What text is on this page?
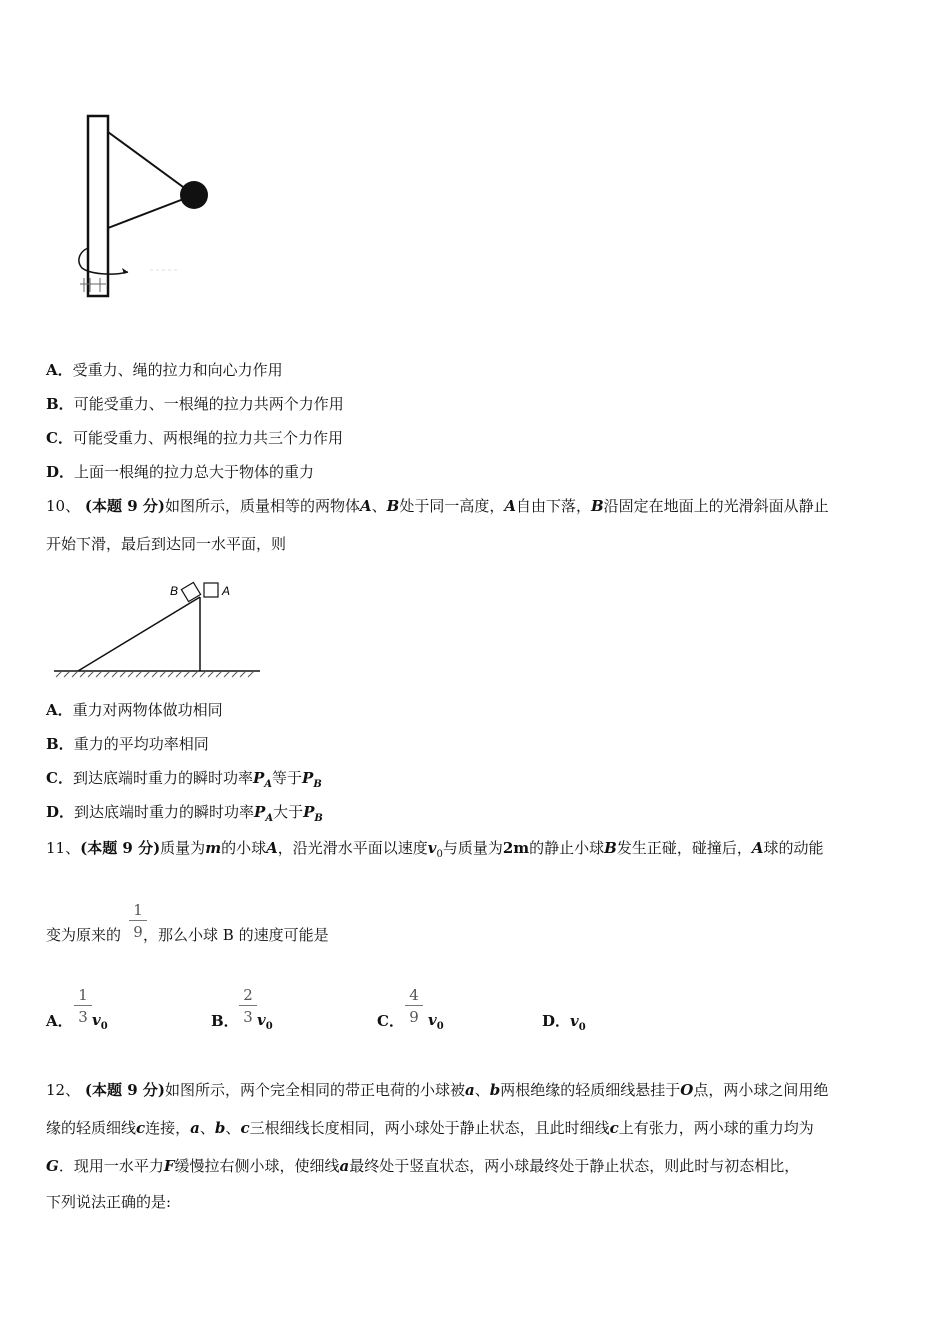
A．受重力、绳的拉力和向心力作用
B．可能受重力、一根绳的拉力共两个力作用
C．可能受重力、两根绳的拉力共三个力作用
D．上面一根绳的拉力总大于物体的重力
10、 (本题 9 分)如图所示，质量相等的两物体A、B处于同一高度，A自由下落，B沿固定在地面上的光滑斜面从静止
开始下滑，最后到达同一水平面，则
B	A
A．重力对两物体做功相同
B．重力的平均功率相同
C．到达底端时重力的瞬时功率$P_A$等于$P_B$
D．到达底端时重力的瞬时功率$P_A$大于$P_B$
11、(本题 9 分)质量为m的小球A，沿光滑水平面以速度$v_0$与质量为2m的静止小球B发生正碰，碰撞后，A球的动能
变为原来的 ，那么小球 B 的速度可能是
$\frac{1}{9}$
A． $\frac{1}{3} v_0$	B． $\frac{2}{3} v_0$	C． $\frac{4}{9} v_0$	D．$v_0$
12、 (本题 9 分)如图所示，两个完全相同的带正电荷的小球被a、b两根绝缘的轻质细线悬挂于O点，两小球之间用绝
缘的轻质细线c连接，a、b、c三根细线长度相同，两小球处于静止状态，且此时细线c上有张力，两小球的重力均为
G．现用一水平力F缓慢拉右侧小球，使细线a最终处于竖直状态，两小球最终处于静止状态，则此时与初态相比，
下列说法正确的是:
